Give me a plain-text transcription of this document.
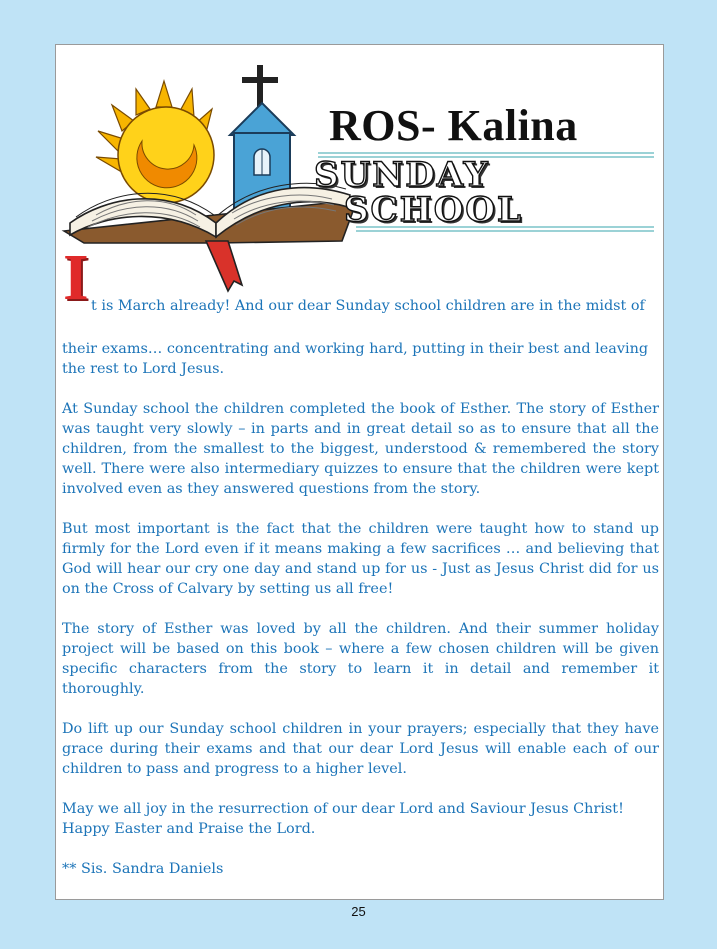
ROS- Kalina
SUNDAY
SCHOOL
I t is March already! And our dear Sunday school children are in the midst of

their exams… concentrating and working hard, putting in their best and leaving the rest to Lord Jesus.

At Sunday school the children completed the book of Esther. The story of Esther was taught very slowly – in parts and in great detail so as to ensure that all the children, from the smallest to the biggest, understood & remembered the story well. There were also intermediary quizzes to ensure that the children were kept involved even as they answered questions from the story.

But most important is the fact that the children were taught how to stand up firmly for the Lord even if it means making a few sacrifices … and believing that God will hear our cry one day and stand up for us - Just as Jesus Christ did for us on the Cross of Calvary by setting us all free!

The story of Esther was loved by all the children. And their summer holiday project will be based on this book – where a few chosen children will be given specific characters from the story to learn it in detail and remember it thoroughly.

Do lift up our Sunday school children in your prayers; especially that they have grace during their exams and that our dear Lord Jesus will enable each of our children to pass and progress to a higher level.

May we all joy in the resurrection of our dear Lord and Saviour Jesus Christ! Happy Easter and Praise the Lord.

** Sis. Sandra Daniels

25
